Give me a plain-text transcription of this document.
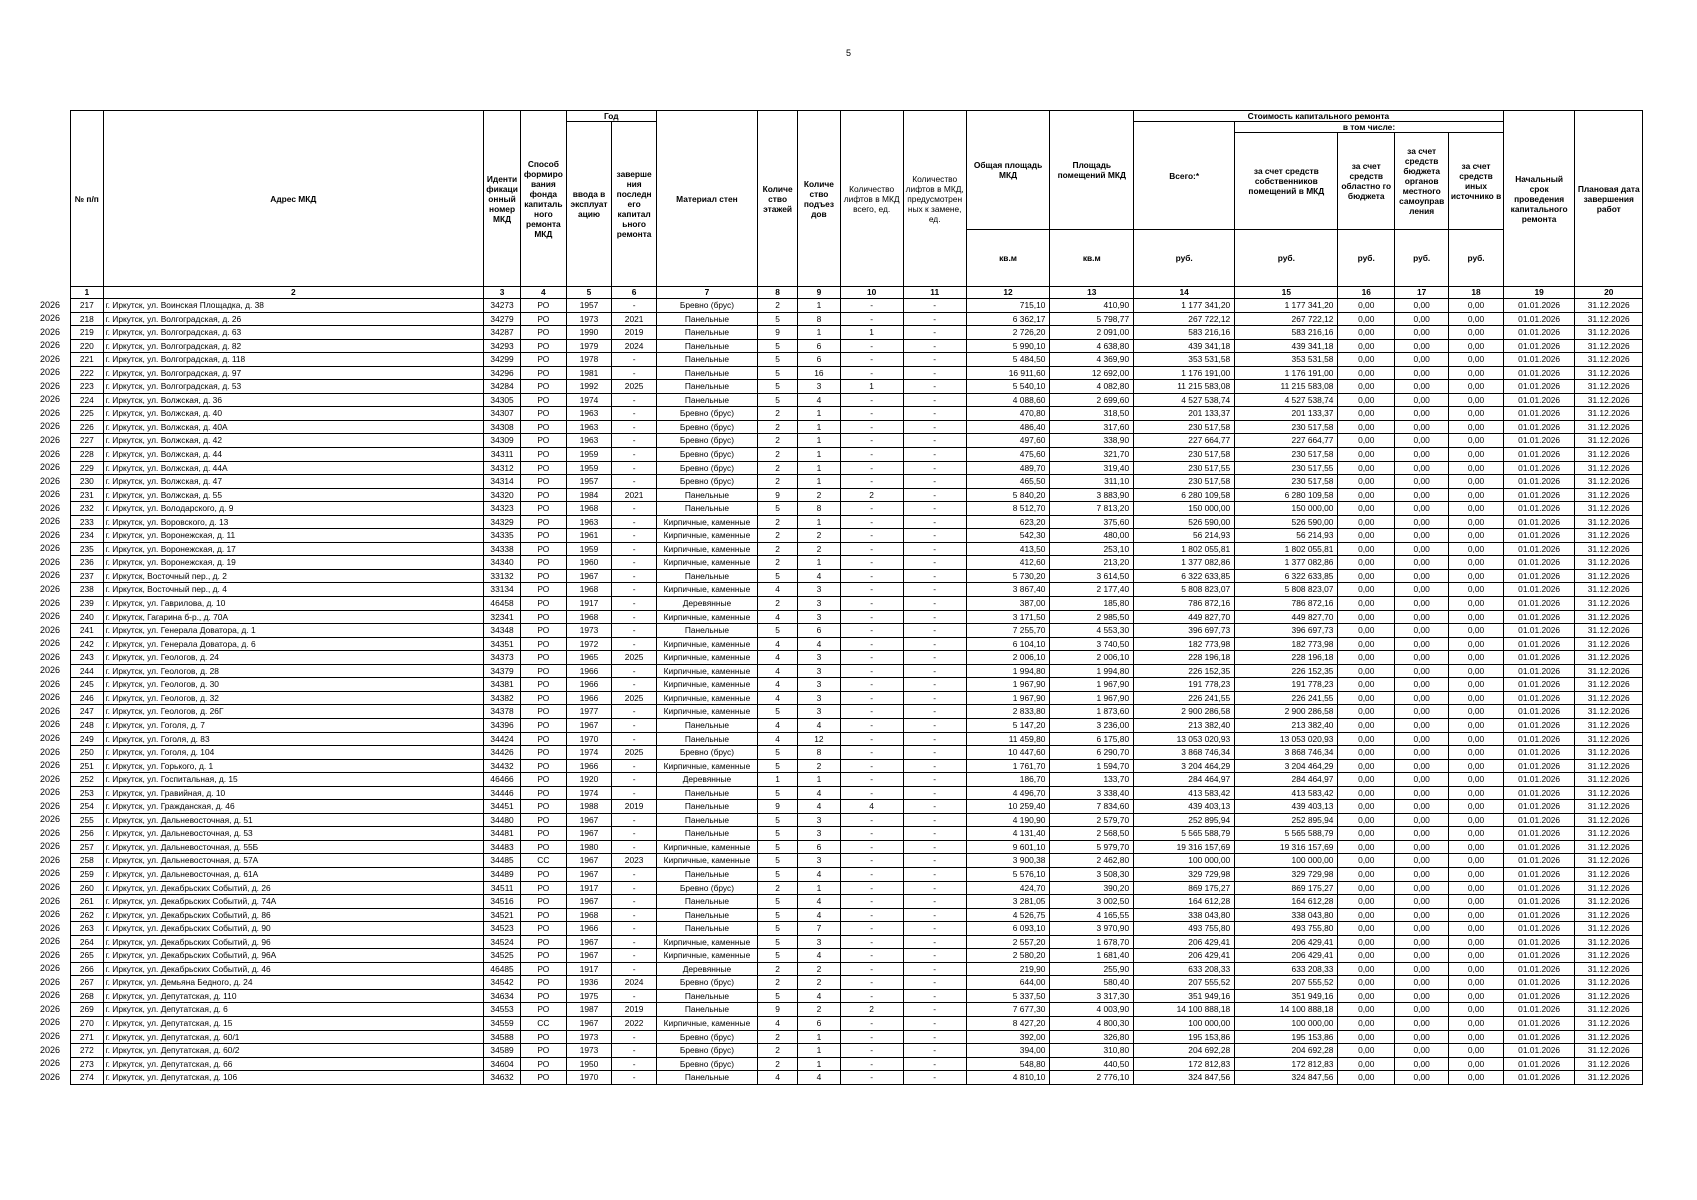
5
2026
2026
2026
2026
2026
2026
2026
2026
2026
2026
2026
2026
2026
2026
2026
2026
2026
2026
2026
2026
2026
2026
2026
2026
2026
2026
2026
2026
2026
2026
2026
2026
2026
2026
2026
2026
2026
2026
2026
2026
2026
2026
2026
2026
2026
2026
2026
2026
2026
2026
2026
2026
2026
2026
2026
2026
2026
2026
№ п/п	Адрес МКД	Иденти фикаци онный номер МКД	Способ формиро вания фонда капиталь ного ремонта МКД	Год		Материал стен	Количе ство этажей	Количе ство подъез дов	Количество лифтов в МКД всего, ед.	Количество лифтов в МКД, предусмотрен ных к замене, ед.	Общая площадь МКД	Площадь помещений МКД	Стоимость капитального ремонта					Начальный срок проведения капитального ремонта	Плановая дата завершения работ
				ввода в эксплуат ацию	заверше ния последн его капитал ьного ремонта								Всего:*	в том числе:					
														за счет средств собственников помещений в МКД	за счет средств областно го бюджета	за счет средств бюджета органов местного самоуправ ления	за счет средств иных источнико в		
											кв.м	кв.м	руб.	руб.	руб.	руб.	руб.		
1	2	3	4	5	6	7	8	9	10	11	12	13	14	15	16	17	18	19	20
217	г. Иркутск, ул. Воинская Площадка, д. 38	34273	РО	1957	-	Бревно (брус)	2	1	-	-	715,10	410,90	1 177 341,20	1 177 341,20	0,00	0,00	0,00	01.01.2026	31.12.2026
218	г. Иркутск, ул. Волгоградская, д. 26	34279	РО	1973	2021	Панельные	5	8	-	-	6 362,17	5 798,77	267 722,12	267 722,12	0,00	0,00	0,00	01.01.2026	31.12.2026
219	г. Иркутск, ул. Волгоградская, д. 63	34287	РО	1990	2019	Панельные	9	1	1	-	2 726,20	2 091,00	583 216,16	583 216,16	0,00	0,00	0,00	01.01.2026	31.12.2026
220	г. Иркутск, ул. Волгоградская, д. 82	34293	РО	1979	2024	Панельные	5	6	-	-	5 990,10	4 638,80	439 341,18	439 341,18	0,00	0,00	0,00	01.01.2026	31.12.2026
221	г. Иркутск, ул. Волгоградская, д. 118	34299	РО	1978	-	Панельные	5	6	-	-	5 484,50	4 369,90	353 531,58	353 531,58	0,00	0,00	0,00	01.01.2026	31.12.2026
222	г. Иркутск, ул. Волгоградская, д. 97	34296	РО	1981	-	Панельные	5	16	-	-	16 911,60	12 692,00	1 176 191,00	1 176 191,00	0,00	0,00	0,00	01.01.2026	31.12.2026
223	г. Иркутск, ул. Волгоградская, д. 53	34284	РО	1992	2025	Панельные	5	3	1	-	5 540,10	4 082,80	11 215 583,08	11 215 583,08	0,00	0,00	0,00	01.01.2026	31.12.2026
224	г. Иркутск, ул. Волжская, д. 36	34305	РО	1974	-	Панельные	5	4	-	-	4 088,60	2 699,60	4 527 538,74	4 527 538,74	0,00	0,00	0,00	01.01.2026	31.12.2026
225	г. Иркутск, ул. Волжская, д. 40	34307	РО	1963	-	Бревно (брус)	2	1	-	-	470,80	318,50	201 133,37	201 133,37	0,00	0,00	0,00	01.01.2026	31.12.2026
226	г. Иркутск, ул. Волжская, д. 40А	34308	РО	1963	-	Бревно (брус)	2	1	-	-	486,40	317,60	230 517,58	230 517,58	0,00	0,00	0,00	01.01.2026	31.12.2026
227	г. Иркутск, ул. Волжская, д. 42	34309	РО	1963	-	Бревно (брус)	2	1	-	-	497,60	338,90	227 664,77	227 664,77	0,00	0,00	0,00	01.01.2026	31.12.2026
228	г. Иркутск, ул. Волжская, д. 44	34311	РО	1959	-	Бревно (брус)	2	1	-	-	475,60	321,70	230 517,58	230 517,58	0,00	0,00	0,00	01.01.2026	31.12.2026
229	г. Иркутск, ул. Волжская, д. 44А	34312	РО	1959	-	Бревно (брус)	2	1	-	-	489,70	319,40	230 517,55	230 517,55	0,00	0,00	0,00	01.01.2026	31.12.2026
230	г. Иркутск, ул. Волжская, д. 47	34314	РО	1957	-	Бревно (брус)	2	1	-	-	465,50	311,10	230 517,58	230 517,58	0,00	0,00	0,00	01.01.2026	31.12.2026
231	г. Иркутск, ул. Волжская, д. 55	34320	РО	1984	2021	Панельные	9	2	2	-	5 840,20	3 883,90	6 280 109,58	6 280 109,58	0,00	0,00	0,00	01.01.2026	31.12.2026
232	г. Иркутск, ул. Володарского, д. 9	34323	РО	1968	-	Панельные	5	8	-	-	8 512,70	7 813,20	150 000,00	150 000,00	0,00	0,00	0,00	01.01.2026	31.12.2026
233	г. Иркутск, ул. Воровского, д. 13	34329	РО	1963	-	Кирпичные, каменные	2	1	-	-	623,20	375,60	526 590,00	526 590,00	0,00	0,00	0,00	01.01.2026	31.12.2026
234	г. Иркутск, ул. Воронежская, д. 11	34335	РО	1961	-	Кирпичные, каменные	2	2	-	-	542,30	480,00	56 214,93	56 214,93	0,00	0,00	0,00	01.01.2026	31.12.2026
235	г. Иркутск, ул. Воронежская, д. 17	34338	РО	1959	-	Кирпичные, каменные	2	2	-	-	413,50	253,10	1 802 055,81	1 802 055,81	0,00	0,00	0,00	01.01.2026	31.12.2026
236	г. Иркутск, ул. Воронежская, д. 19	34340	РО	1960	-	Кирпичные, каменные	2	1	-	-	412,60	213,20	1 377 082,86	1 377 082,86	0,00	0,00	0,00	01.01.2026	31.12.2026
237	г. Иркутск, Восточный пер., д. 2	33132	РО	1967	-	Панельные	5	4	-	-	5 730,20	3 614,50	6 322 633,85	6 322 633,85	0,00	0,00	0,00	01.01.2026	31.12.2026
238	г. Иркутск, Восточный пер., д. 4	33134	РО	1968	-	Кирпичные, каменные	4	3	-	-	3 867,40	2 177,40	5 808 823,07	5 808 823,07	0,00	0,00	0,00	01.01.2026	31.12.2026
239	г. Иркутск, ул. Гаврилова, д. 10	46458	РО	1917	-	Деревянные	2	3	-	-	387,00	185,80	786 872,16	786 872,16	0,00	0,00	0,00	01.01.2026	31.12.2026
240	г. Иркутск, Гагарина б-р., д. 70А	32341	РО	1968	-	Кирпичные, каменные	4	3	-	-	3 171,50	2 985,50	449 827,70	449 827,70	0,00	0,00	0,00	01.01.2026	31.12.2026
241	г. Иркутск, ул. Генерала Доватора, д. 1	34348	РО	1973	-	Панельные	5	6	-	-	7 255,70	4 553,30	396 697,73	396 697,73	0,00	0,00	0,00	01.01.2026	31.12.2026
242	г. Иркутск, ул. Генерала Доватора, д. 6	34351	РО	1972	-	Кирпичные, каменные	4	4	-	-	6 104,10	3 740,50	182 773,98	182 773,98	0,00	0,00	0,00	01.01.2026	31.12.2026
243	г. Иркутск, ул. Геологов, д. 24	34373	РО	1965	2025	Кирпичные, каменные	4	3	-	-	2 006,10	2 006,10	228 196,18	228 196,18	0,00	0,00	0,00	01.01.2026	31.12.2026
244	г. Иркутск, ул. Геологов, д. 28	34379	РО	1966	-	Кирпичные, каменные	4	3	-	-	1 994,80	1 994,80	226 152,35	226 152,35	0,00	0,00	0,00	01.01.2026	31.12.2026
245	г. Иркутск, ул. Геологов, д. 30	34381	РО	1966	-	Кирпичные, каменные	4	3	-	-	1 967,90	1 967,90	191 778,23	191 778,23	0,00	0,00	0,00	01.01.2026	31.12.2026
246	г. Иркутск, ул. Геологов, д. 32	34382	РО	1966	2025	Кирпичные, каменные	4	3	-	-	1 967,90	1 967,90	226 241,55	226 241,55	0,00	0,00	0,00	01.01.2026	31.12.2026
247	г. Иркутск, ул. Геологов, д. 26Г	34378	РО	1977	-	Кирпичные, каменные	5	3	-	-	2 833,80	1 873,60	2 900 286,58	2 900 286,58	0,00	0,00	0,00	01.01.2026	31.12.2026
248	г. Иркутск, ул. Гоголя, д. 7	34396	РО	1967	-	Панельные	4	4	-	-	5 147,20	3 236,00	213 382,40	213 382,40	0,00	0,00	0,00	01.01.2026	31.12.2026
249	г. Иркутск, ул. Гоголя, д. 83	34424	РО	1970	-	Панельные	4	12	-	-	11 459,80	6 175,80	13 053 020,93	13 053 020,93	0,00	0,00	0,00	01.01.2026	31.12.2026
250	г. Иркутск, ул. Гоголя, д. 104	34426	РО	1974	2025	Бревно (брус)	5	8	-	-	10 447,60	6 290,70	3 868 746,34	3 868 746,34	0,00	0,00	0,00	01.01.2026	31.12.2026
251	г. Иркутск, ул. Горького, д. 1	34432	РО	1966	-	Кирпичные, каменные	5	2	-	-	1 761,70	1 594,70	3 204 464,29	3 204 464,29	0,00	0,00	0,00	01.01.2026	31.12.2026
252	г. Иркутск, ул. Госпитальная, д. 15	46466	РО	1920	-	Деревянные	1	1	-	-	186,70	133,70	284 464,97	284 464,97	0,00	0,00	0,00	01.01.2026	31.12.2026
253	г. Иркутск, ул. Гравийная, д. 10	34446	РО	1974	-	Панельные	5	4	-	-	4 496,70	3 338,40	413 583,42	413 583,42	0,00	0,00	0,00	01.01.2026	31.12.2026
254	г. Иркутск, ул. Гражданская, д. 46	34451	РО	1988	2019	Панельные	9	4	4	-	10 259,40	7 834,60	439 403,13	439 403,13	0,00	0,00	0,00	01.01.2026	31.12.2026
255	г. Иркутск, ул. Дальневосточная, д. 51	34480	РО	1967	-	Панельные	5	3	-	-	4 190,90	2 579,70	252 895,94	252 895,94	0,00	0,00	0,00	01.01.2026	31.12.2026
256	г. Иркутск, ул. Дальневосточная, д. 53	34481	РО	1967	-	Панельные	5	3	-	-	4 131,40	2 568,50	5 565 588,79	5 565 588,79	0,00	0,00	0,00	01.01.2026	31.12.2026
257	г. Иркутск, ул. Дальневосточная, д. 55Б	34483	РО	1980	-	Кирпичные, каменные	5	6	-	-	9 601,10	5 979,70	19 316 157,69	19 316 157,69	0,00	0,00	0,00	01.01.2026	31.12.2026
258	г. Иркутск, ул. Дальневосточная, д. 57А	34485	СС	1967	2023	Кирпичные, каменные	5	3	-	-	3 900,38	2 462,80	100 000,00	100 000,00	0,00	0,00	0,00	01.01.2026	31.12.2026
259	г. Иркутск, ул. Дальневосточная, д. 61А	34489	РО	1967	-	Панельные	5	4	-	-	5 576,10	3 508,30	329 729,98	329 729,98	0,00	0,00	0,00	01.01.2026	31.12.2026
260	г. Иркутск, ул. Декабрьских Событий, д. 26	34511	РО	1917	-	Бревно (брус)	2	1	-	-	424,70	390,20	869 175,27	869 175,27	0,00	0,00	0,00	01.01.2026	31.12.2026
261	г. Иркутск, ул. Декабрьских Событий, д. 74А	34516	РО	1967	-	Панельные	5	4	-	-	3 281,05	3 002,50	164 612,28	164 612,28	0,00	0,00	0,00	01.01.2026	31.12.2026
262	г. Иркутск, ул. Декабрьских Событий, д. 86	34521	РО	1968	-	Панельные	5	4	-	-	4 526,75	4 165,55	338 043,80	338 043,80	0,00	0,00	0,00	01.01.2026	31.12.2026
263	г. Иркутск, ул. Декабрьских Событий, д. 90	34523	РО	1966	-	Панельные	5	7	-	-	6 093,10	3 970,90	493 755,80	493 755,80	0,00	0,00	0,00	01.01.2026	31.12.2026
264	г. Иркутск, ул. Декабрьских Событий, д. 96	34524	РО	1967	-	Кирпичные, каменные	5	3	-	-	2 557,20	1 678,70	206 429,41	206 429,41	0,00	0,00	0,00	01.01.2026	31.12.2026
265	г. Иркутск, ул. Декабрьских Событий, д. 96А	34525	РО	1967	-	Кирпичные, каменные	5	4	-	-	2 580,20	1 681,40	206 429,41	206 429,41	0,00	0,00	0,00	01.01.2026	31.12.2026
266	г. Иркутск, ул. Декабрьских Событий, д. 46	46485	РО	1917	-	Деревянные	2	2	-	-	219,90	255,90	633 208,33	633 208,33	0,00	0,00	0,00	01.01.2026	31.12.2026
267	г. Иркутск, ул. Демьяна Бедного, д. 24	34542	РО	1936	2024	Бревно (брус)	2	2	-	-	644,00	580,40	207 555,52	207 555,52	0,00	0,00	0,00	01.01.2026	31.12.2026
268	г. Иркутск, ул. Депутатская, д. 110	34634	РО	1975	-	Панельные	5	4	-	-	5 337,50	3 317,30	351 949,16	351 949,16	0,00	0,00	0,00	01.01.2026	31.12.2026
269	г. Иркутск, ул. Депутатская, д. 6	34553	РО	1987	2019	Панельные	9	2	2	-	7 677,30	4 003,90	14 100 888,18	14 100 888,18	0,00	0,00	0,00	01.01.2026	31.12.2026
270	г. Иркутск, ул. Депутатская, д. 15	34559	СС	1967	2022	Кирпичные, каменные	4	6	-	-	8 427,20	4 800,30	100 000,00	100 000,00	0,00	0,00	0,00	01.01.2026	31.12.2026
271	г. Иркутск, ул. Депутатская, д. 60/1	34588	РО	1973	-	Бревно (брус)	2	1	-	-	392,00	326,80	195 153,86	195 153,86	0,00	0,00	0,00	01.01.2026	31.12.2026
272	г. Иркутск, ул. Депутатская, д. 60/2	34589	РО	1973	-	Бревно (брус)	2	1	-	-	394,00	310,80	204 692,28	204 692,28	0,00	0,00	0,00	01.01.2026	31.12.2026
273	г. Иркутск, ул. Депутатская, д. 66	34604	РО	1950	-	Бревно (брус)	2	1	-	-	548,80	440,50	172 812,83	172 812,83	0,00	0,00	0,00	01.01.2026	31.12.2026
274	г. Иркутск, ул. Депутатская, д. 106	34632	РО	1970	-	Панельные	4	4	-	-	4 810,10	2 776,10	324 847,56	324 847,56	0,00	0,00	0,00	01.01.2026	31.12.2026
